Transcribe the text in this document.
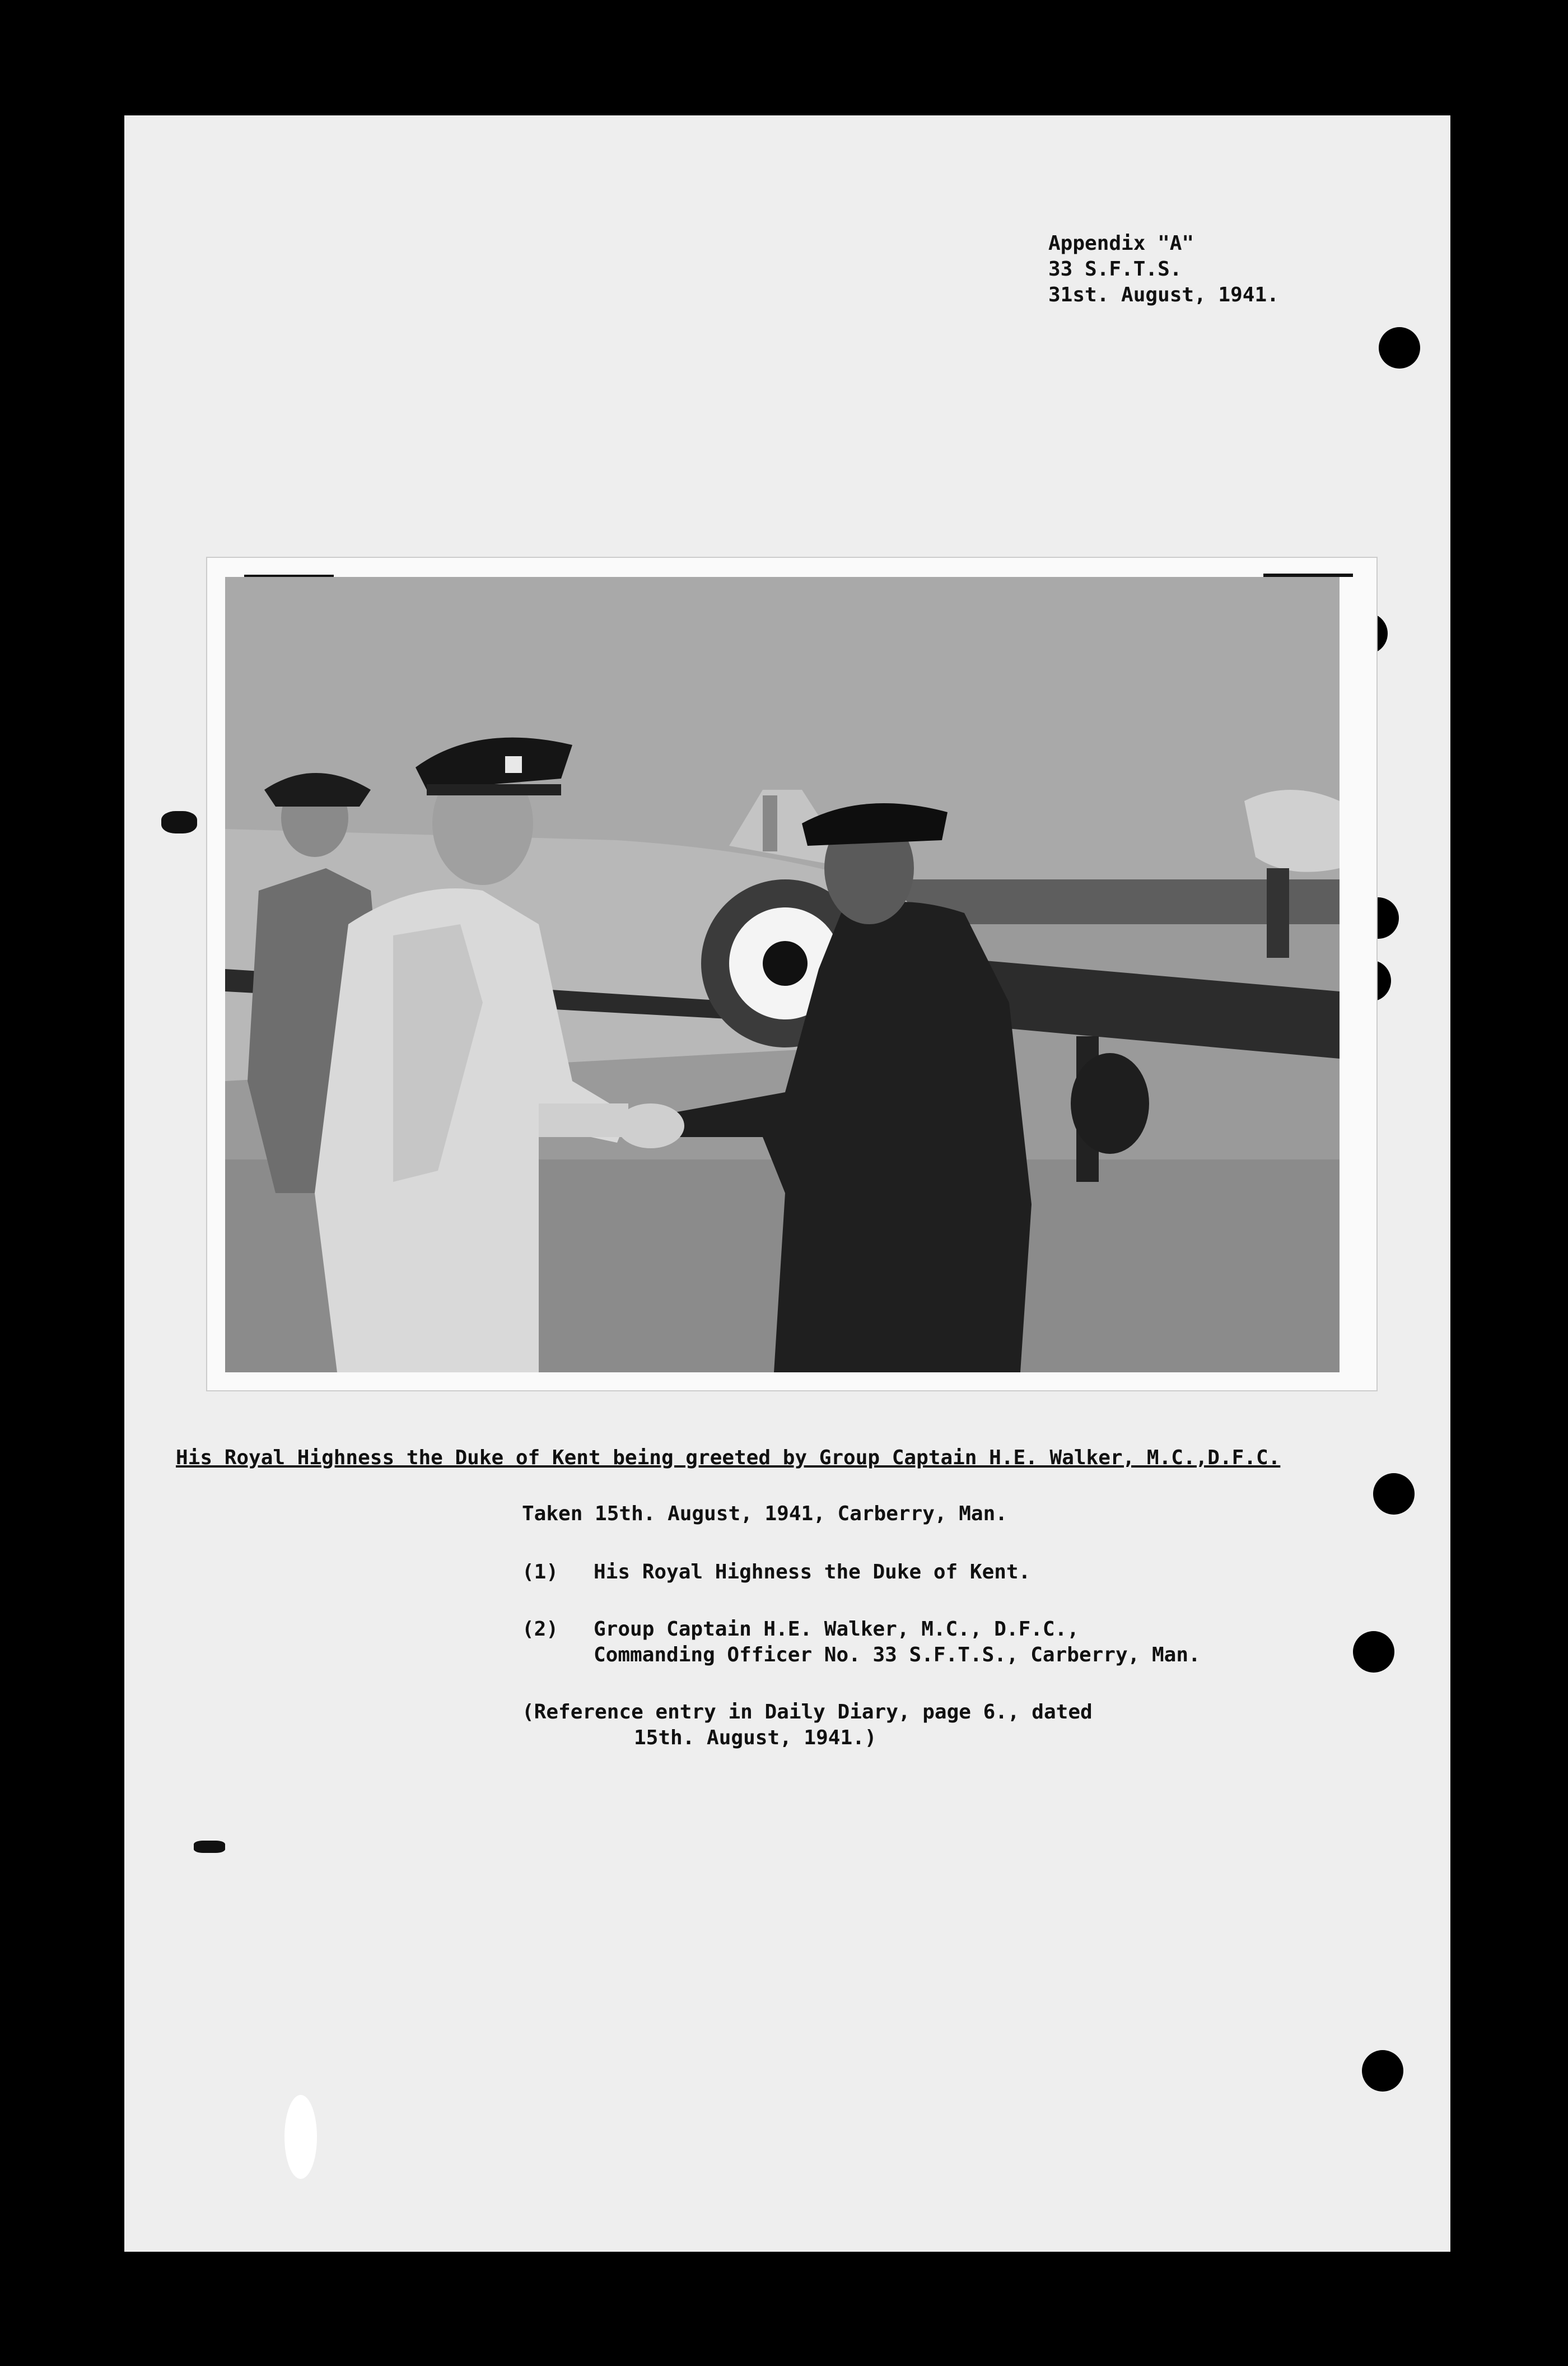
Appendix "A"
33 S.F.T.S.
31st. August, 1941.
His Royal Highness the Duke of Kent being greeted by Group Captain H.E. Walker, M.C.,D.F.C.
Taken 15th. August, 1941, Carberry, Man.
(1) His Royal Highness the Duke of Kent.
(2) Group Captain H.E. Walker, M.C., D.F.C.,
Commanding Officer No. 33 S.F.T.S., Carberry, Man.
(Reference entry in Daily Diary, page 6., dated
15th. August, 1941.)
